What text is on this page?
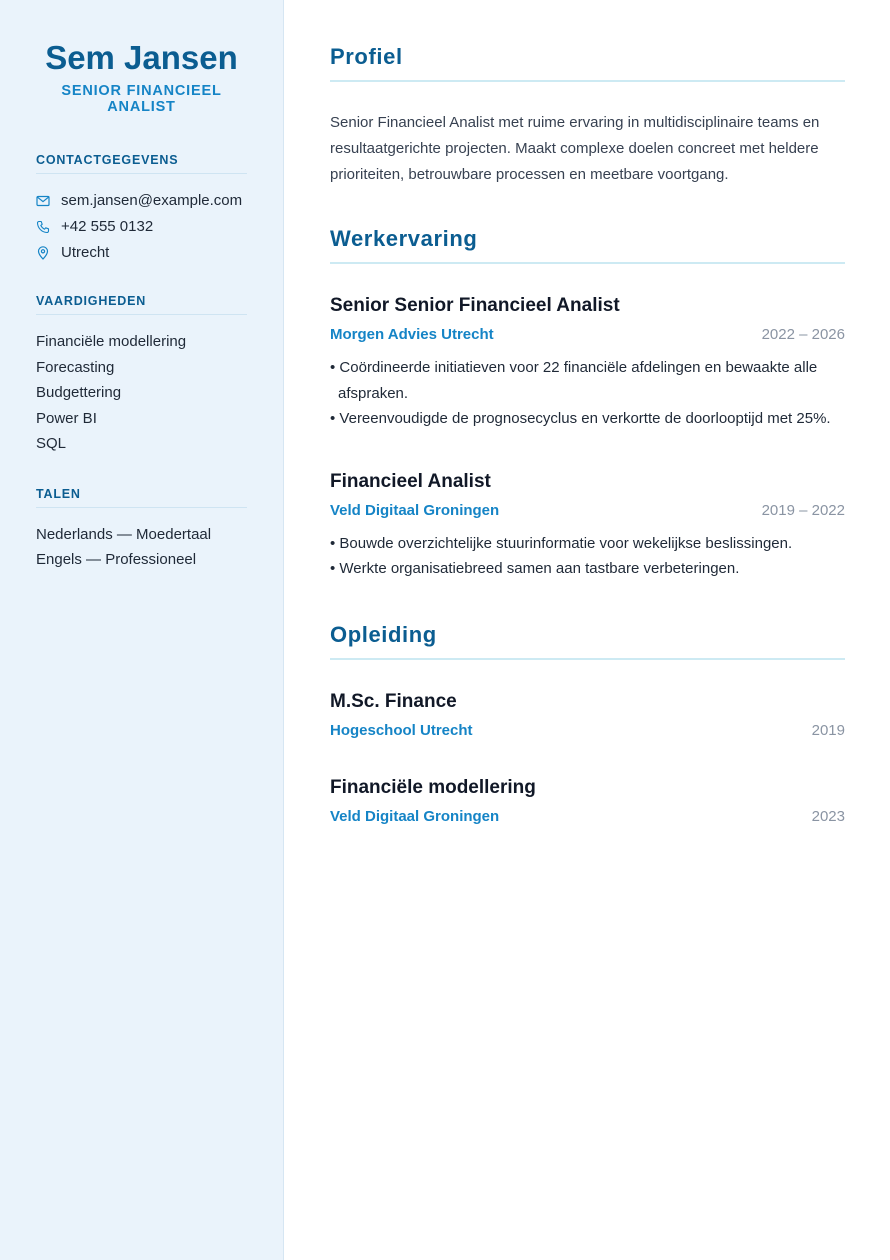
Sem Jansen
SENIOR FINANCIEEL ANALIST
CONTACTGEGEVENS
sem.jansen@example.com
+42 555 0132
Utrecht
VAARDIGHEDEN
Financiële modellering
Forecasting
Budgettering
Power BI
SQL
TALEN
Nederlands — Moedertaal
Engels — Professioneel
Profiel
Senior Financieel Analist met ruime ervaring in multidisciplinaire teams en resultaatgerichte projecten. Maakt complexe doelen concreet met heldere prioriteiten, betrouwbare processen en meetbare voortgang.
Werkervaring
Senior Senior Financieel Analist
Morgen Advies Utrecht	2022 – 2026
• Coördineerde initiatieven voor 22 financiële afdelingen en bewaakte alle afspraken.
• Vereenvoudigde de prognosecyclus en verkortte de doorlooptijd met 25%.
Financieel Analist
Veld Digitaal Groningen	2019 – 2022
• Bouwde overzichtelijke stuurinformatie voor wekelijkse beslissingen.
• Werkte organisatiebreed samen aan tastbare verbeteringen.
Opleiding
M.Sc. Finance
Hogeschool Utrecht	2019
Financiële modellering
Veld Digitaal Groningen	2023
